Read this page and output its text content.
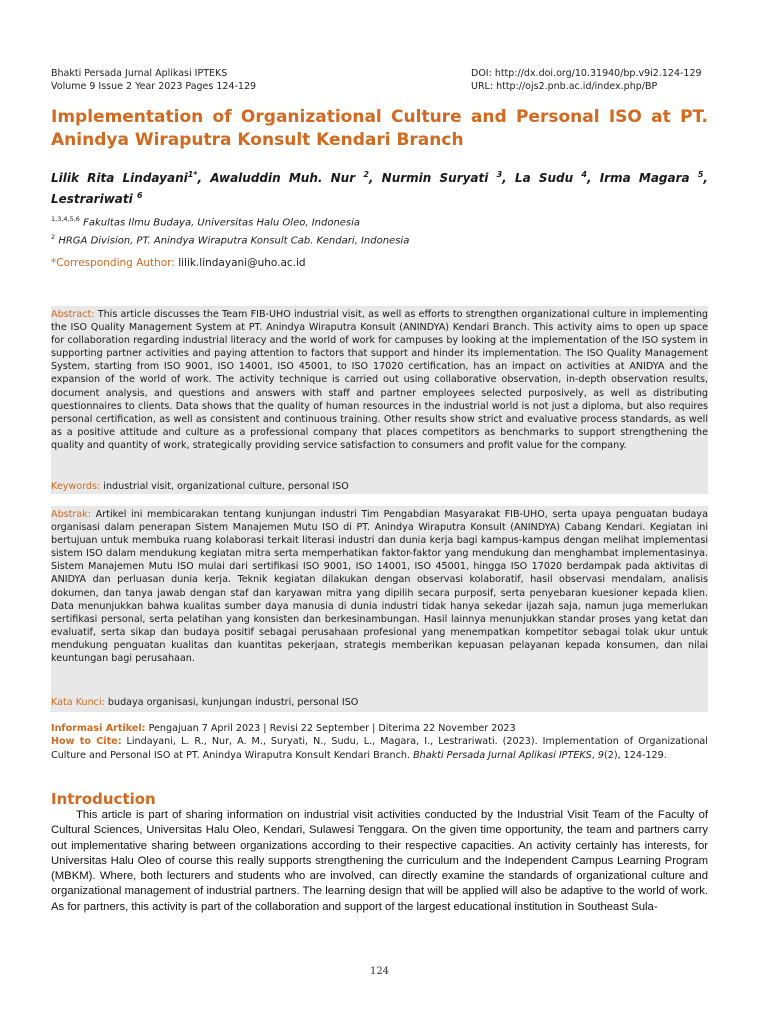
Bhakti Persada Jurnal Aplikasi IPTEKS
Volume 9 Issue 2 Year 2023 Pages 124-129
DOI: http://dx.doi.org/10.31940/bp.v9i2.124-129
URL: http://ojs2.pnb.ac.id/index.php/BP
Implementation of Organizational Culture and Personal ISO at PT. Anindya Wiraputra Konsult Kendari Branch
Lilik Rita Lindayani$^{1*}$, Awaluddin Muh. Nur $^2$, Nurmin Suryati $^3$, La Sudu $^4$, Irma Magara $^5$, Lestrariwati $^6$
$^{1,3,4,5,6}$ Fakultas Ilmu Budaya, Universitas Halu Oleo, Indonesia
$^2$ HRGA Division, PT. Anindya Wiraputra Konsult Cab. Kendari, Indonesia
*Corresponding Author: lilik.lindayani@uho.ac.id
Abstract: This article discusses the Team FIB-UHO industrial visit, as well as efforts to strengthen organizational culture in implementing the ISO Quality Management System at PT. Anindya Wiraputra Konsult (ANINDYA) Kendari Branch. This activity aims to open up space for collaboration regarding industrial literacy and the world of work for campuses by looking at the implementation of the ISO system in supporting partner activities and paying attention to factors that support and hinder its implementation. The ISO Quality Management System, starting from ISO 9001, ISO 14001, ISO 45001, to ISO 17020 certification, has an impact on activities at ANIDYA and the expansion of the world of work. The activity technique is carried out using collaborative observation, in-depth observation results, document analysis, and questions and answers with staff and partner employees selected purposively, as well as distributing questionnaires to clients. Data shows that the quality of human resources in the industrial world is not just a diploma, but also requires personal certification, as well as consistent and continuous training. Other results show strict and evaluative process standards, as well as a positive attitude and culture as a professional company that places competitors as benchmarks to support strengthening the quality and quantity of work, strategically providing service satisfaction to consumers and profit value for the company.
Keywords: industrial visit, organizational culture, personal ISO
Abstrak: Artikel ini membicarakan tentang kunjungan industri Tim Pengabdian Masyarakat FIB-UHO, serta upaya penguatan budaya organisasi dalam penerapan Sistem Manajemen Mutu ISO di PT. Anindya Wiraputra Konsult (ANINDYA) Cabang Kendari. Kegiatan ini bertujuan untuk membuka ruang kolaborasi terkait literasi industri dan dunia kerja bagi kampus-kampus dengan melihat implementasi sistem ISO dalam mendukung kegiatan mitra serta memperhatikan faktor-faktor yang mendukung dan menghambat implementasinya. Sistem Manajemen Mutu ISO mulai dari sertifikasi ISO 9001, ISO 14001, ISO 45001, hingga ISO 17020 berdampak pada aktivitas di ANIDYA dan perluasan dunia kerja. Teknik kegiatan dilakukan dengan observasi kolaboratif, hasil observasi mendalam, analisis dokumen, dan tanya jawab dengan staf dan karyawan mitra yang dipilih secara purposif, serta penyebaran kuesioner kepada klien. Data menunjukkan bahwa kualitas sumber daya manusia di dunia industri tidak hanya sekedar ijazah saja, namun juga memerlukan sertifikasi personal, serta pelatihan yang konsisten dan berkesinambungan. Hasil lainnya menunjukkan standar proses yang ketat dan evaluatif, serta sikap dan budaya positif sebagai perusahaan profesional yang menempatkan kompetitor sebagai tolak ukur untuk mendukung penguatan kualitas dan kuantitas pekerjaan, strategis memberikan kepuasan pelayanan kepada konsumen, dan nilai keuntungan bagi perusahaan.
Kata Kunci: budaya organisasi, kunjungan industri, personal ISO
Informasi Artikel: Pengajuan 7 April 2023 | Revisi 22 September | Diterima 22 November 2023
How to Cite: Lindayani, L. R., Nur, A. M., Suryati, N., Sudu, L., Magara, I., Lestrariwati. (2023). Implementation of Organizational Culture and Personal ISO at PT. Anindya Wiraputra Konsult Kendari Branch. Bhakti Persada Jurnal Aplikasi IPTEKS, 9(2), 124-129.
Introduction
This article is part of sharing information on industrial visit activities conducted by the Industrial Visit Team of the Faculty of Cultural Sciences, Universitas Halu Oleo, Kendari, Sulawesi Tenggara. On the given time opportunity, the team and partners carry out implementative sharing between organizations according to their respective capacities. An activity certainly has interests, for Universitas Halu Oleo of course this really supports strengthening the curriculum and the Independent Campus Learning Program (MBKM). Where, both lecturers and students who are involved, can directly examine the standards of organizational culture and organizational management of industrial partners. The learning design that will be applied will also be adaptive to the world of work. As for partners, this activity is part of the collaboration and support of the largest educational institution in Southeast Sula-
124
